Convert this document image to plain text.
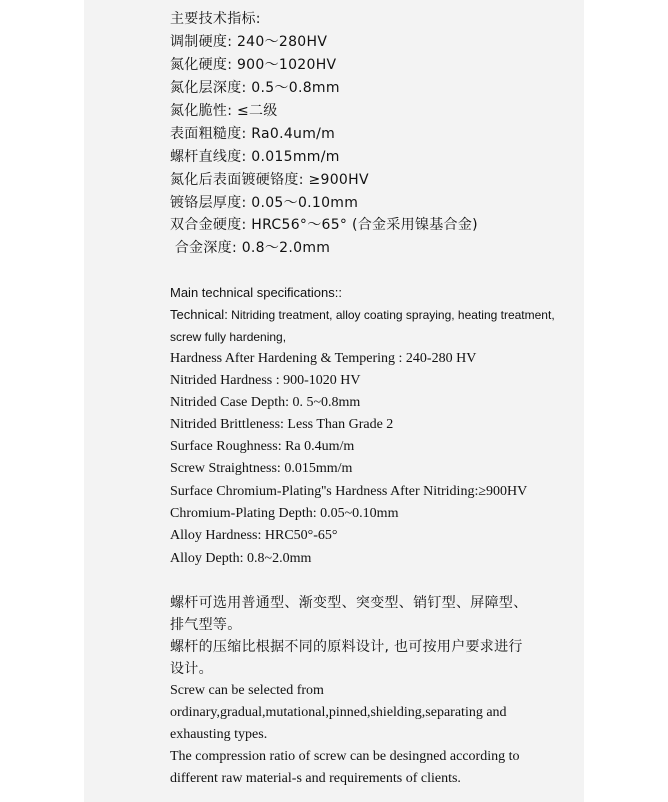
主要技术指标:
调制硬度: 240～280HV
氮化硬度: 900～1020HV
氮化层深度: 0.5～0.8mm
氮化脆性: ≤二级
表面粗糙度: Ra0.4um/m
螺杆直线度: 0.015mm/m
氮化后表面镀硬铬度: ≥900HV
镀铬层厚度: 0.05～0.10mm
双合金硬度: HRC56°～65° (合金采用镍基合金)
合金深度: 0.8～2.0mm
Main technical specifications::
Technical: Nitriding treatment, alloy coating spraying, heating treatment,
screw fully hardening,
Hardness After Hardening & Tempering : 240-280 HV
Nitrided Hardness : 900-1020 HV
Nitrided Case Depth: 0. 5~0.8mm
Nitrided Brittleness: Less Than Grade 2
Surface Roughness: Ra 0.4um/m
Screw Straightness: 0.015mm/m
Surface Chromium-Plating''s Hardness After Nitriding:≥900HV
Chromium-Plating Depth: 0.05~0.10mm
Alloy Hardness: HRC50°-65°
Alloy Depth: 0.8~2.0mm
螺杆可选用普通型、渐变型、突变型、销钉型、屏障型、
排气型等。
螺杆的压缩比根据不同的原料设计, 也可按用户要求进行
设计。
Screw can be selected from
ordinary,gradual,mutational,pinned,shielding,separating and
exhausting types.
The compression ratio of screw can be desingned according to
different raw material-s and requirements of clients.
